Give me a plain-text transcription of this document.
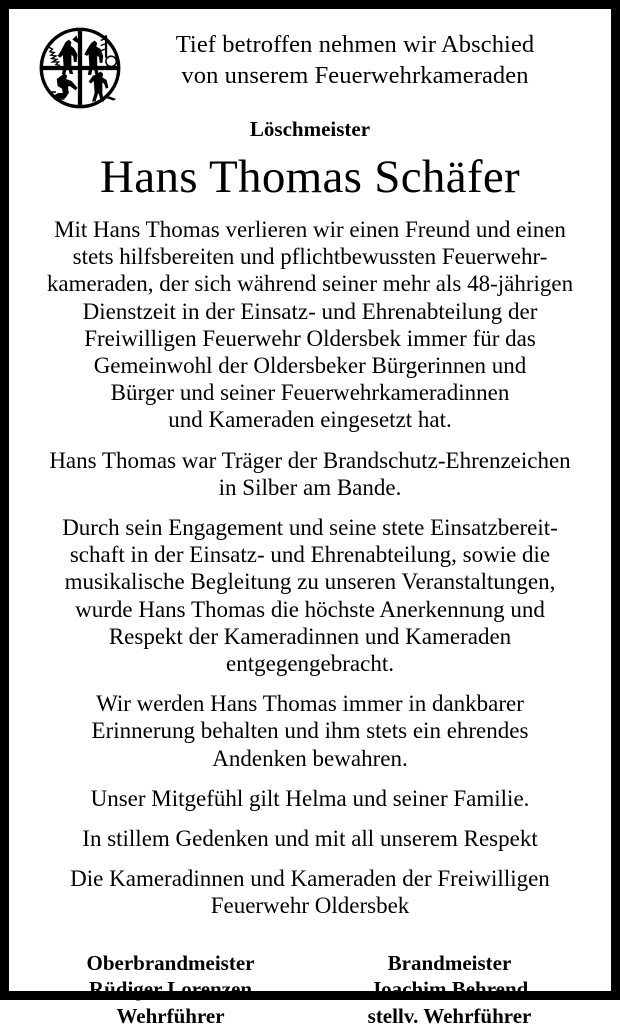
Tief betroffen nehmen wir Abschied von unserem Feuerwehrkameraden
Löschmeister
Hans Thomas Schäfer

Mit Hans Thomas verlieren wir einen Freund und einen
stets hilfsbereiten und pflichtbewussten Feuerwehr-
kameraden, der sich während seiner mehr als 48-jährigen
Dienstzeit in der Einsatz- und Ehrenabteilung der
Freiwilligen Feuerwehr Oldersbek immer für das
Gemeinwohl der Oldersbeker Bürgerinnen und
Bürger und seiner Feuerwehrkameradinnen
und Kameraden eingesetzt hat.

Hans Thomas war Träger der Brandschutz-Ehrenzeichen
in Silber am Bande.

Durch sein Engagement und seine stete Einsatzbereit-
schaft in der Einsatz- und Ehrenabteilung, sowie die
musikalische Begleitung zu unseren Veranstaltungen,
wurde Hans Thomas die höchste Anerkennung und
Respekt der Kameradinnen und Kameraden
entgegengebracht.

Wir werden Hans Thomas immer in dankbarer
Erinnerung behalten und ihm stets ein ehrendes
Andenken bewahren.

Unser Mitgefühl gilt Helma und seiner Familie.

In stillem Gedenken und mit all unserem Respekt

Die Kameradinnen und Kameraden der Freiwilligen
Feuerwehr Oldersbek

Oberbrandmeister
Rüdiger Lorenzen
Wehrführer
Brandmeister
Joachim Behrend
stellv. Wehrführer
